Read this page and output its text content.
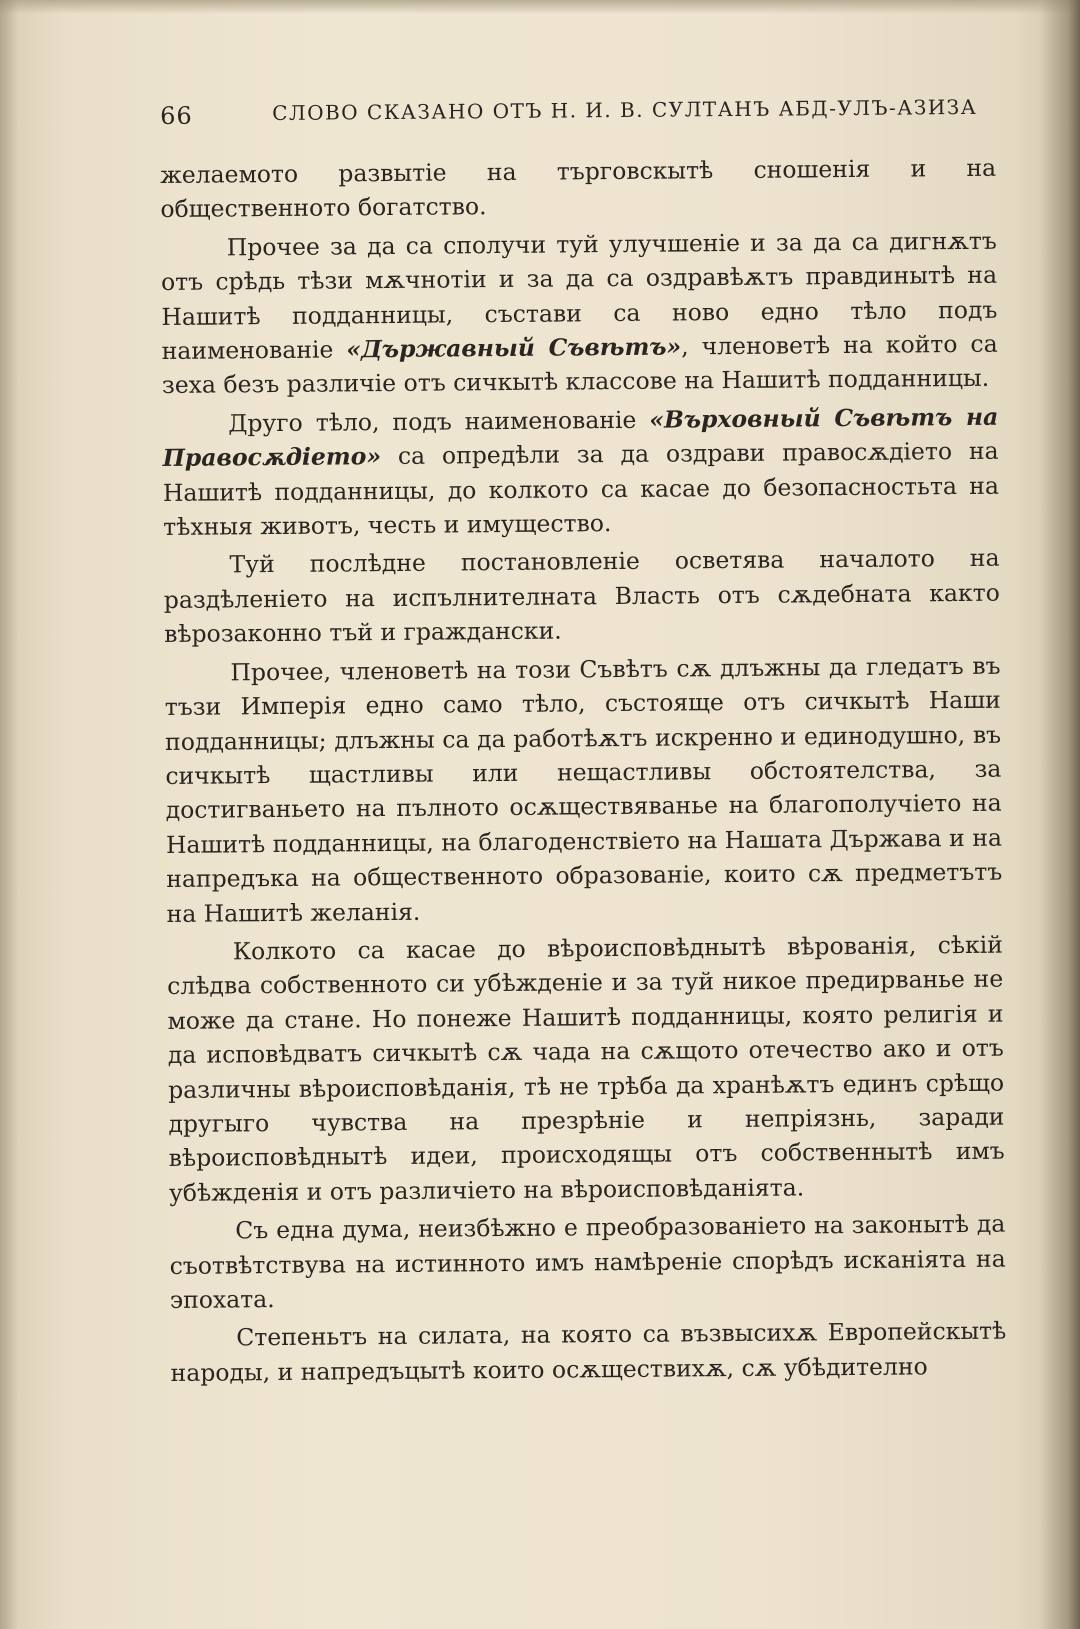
66	СЛОВО СКАЗАНО ОТЪ Н. И. В. СУЛТАНЪ АБД-УЛЪ-АЗИЗА

желаемото развытіе на търговскытѣ сношенія и на общественното богатство.

Прочее за да са сполучи туй улучшеніе и за да са дигнѫтъ отъ срѣдь тѣзи мѫчнотіи и за да са оздравѣѫтъ правдинытѣ на Нашитѣ подданницы, състави са ново едно тѣло подъ наименованіе «Държавный Съвѣтъ», членоветѣ на който са зеха безъ различіе отъ сичкытѣ классове на Нашитѣ подданницы.

Друго тѣло, подъ наименованіе «Върховный Съвѣтъ на Правосѫдіето» са опредѣли за да оздрави правосѫдіето на Нашитѣ подданницы, до колкото са касае до безопасностьта на тѣхныя животъ, честь и имущество.

Туй послѣдне постановленіе осветява началото на раздѣленіето на испълнителната Власть отъ сѫдебната както вѣрозаконно тъй и граждански.

Прочее, членоветѣ на този Съвѣтъ сѫ длъжны да гледатъ въ тъзи Имперія едно само тѣло, състояще отъ сичкытѣ Наши подданницы; длъжны са да работѣѫтъ искренно и единодушно, въ сичкытѣ щастливы или нещастливы обстоятелства, за достигваньето на пълното осѫществяванье на благополучіето на Нашитѣ подданницы, на благоденствіето на Нашата Държава и на напредъка на общественното образованіе, които сѫ предметътъ на Нашитѣ желанія.

Колкото са касае до вѣроисповѣднытѣ вѣрованія, сѣкій слѣдва собственното си убѣжденіе и за туй никое предирванье не може да стане. Но понеже Нашитѣ подданницы, която религія и да исповѣдватъ сичкытѣ сѫ чада на сѫщото отечество ако и отъ различны вѣроисповѣданія, тѣ не трѣба да хранѣѫтъ единъ срѣщо другыго чувства на презрѣніе и непріязнь, заради вѣроисповѣднытѣ идеи, происходящы отъ собственнытѣ имъ убѣжденія и отъ различіето на вѣроисповѣданіята.

Съ една дума, неизбѣжно е преобразованіето на законытѣ да съотвѣтствува на истинното имъ намѣреніе спорѣдъ исканіята на эпохата.

Степеньтъ на силата, на която са възвысихѫ Европейскытѣ народы, и напредъцытѣ които осѫществихѫ, сѫ убѣдително
